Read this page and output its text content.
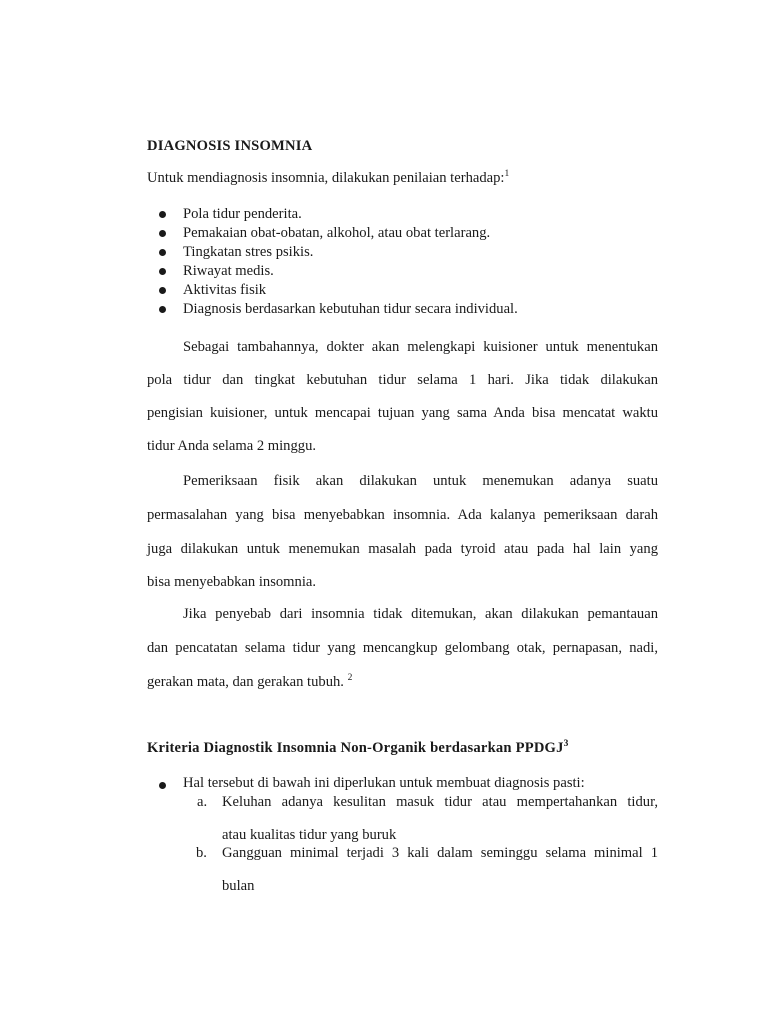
DIAGNOSIS INSOMNIA
Untuk mendiagnosis insomnia, dilakukan penilaian terhadap:$^1$
Pola tidur penderita.
Pemakaian obat-obatan, alkohol, atau obat terlarang.
Tingkatan stres psikis.
Riwayat medis.
Aktivitas fisik
Diagnosis berdasarkan kebutuhan tidur secara individual.
Sebagai tambahannya, dokter akan melengkapi kuisioner untuk menentukan
pola tidur dan tingkat kebutuhan tidur selama 1 hari. Jika tidak dilakukan
pengisian kuisioner, untuk mencapai tujuan yang sama Anda bisa mencatat waktu
tidur Anda selama 2 minggu.
Pemeriksaan fisik akan dilakukan untuk menemukan adanya suatu
permasalahan yang bisa menyebabkan insomnia. Ada kalanya pemeriksaan darah
juga dilakukan untuk menemukan masalah pada tyroid atau pada hal lain yang
bisa menyebabkan insomnia.
Jika penyebab dari insomnia tidak ditemukan, akan dilakukan pemantauan
dan pencatatan selama tidur yang mencangkup gelombang otak, pernapasan, nadi,
gerakan mata, dan gerakan tubuh. $^2$
Kriteria Diagnostik Insomnia Non-Organik berdasarkan PPDGJ$^3$
Hal tersebut di bawah ini diperlukan untuk membuat diagnosis pasti:
a. Keluhan adanya kesulitan masuk tidur atau mempertahankan tidur,
atau kualitas tidur yang buruk
b. Gangguan minimal terjadi 3 kali dalam seminggu selama minimal 1
bulan
